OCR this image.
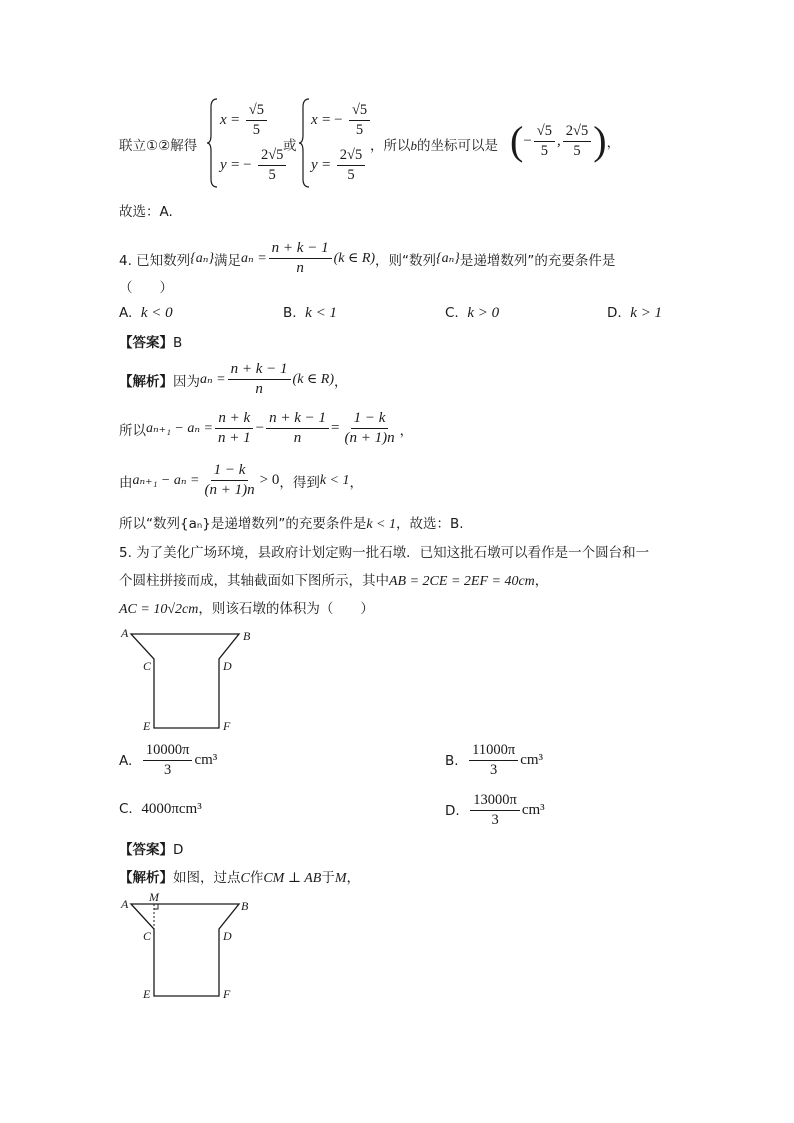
联立①②解得
$x = \frac{√5}{5}$
y = − $\frac{2√5}{5}$
或
x = − $\frac{√5}{5}$
$y = \frac{2√5}{5}$ ，所以b的坐标可以是 ( − $\frac{√5}{5}$ , $\frac{2√5}{5}$ ) ，
故选：A.
4. 已知数列 {aₙ} 满足 $a_n = \frac{n + k - 1}{n} (k$ ∈ R) ，则“数列 {aₙ} 是递增数列”的充要条件是
（　　）
A. k < 0	B. k < 1	C. k > 0	D. k > 1
【答案】B
【解析】 因为 $a_n = \frac{n + k - 1}{n} (k$ ∈ R) ，
所以 $a_{n+1} - a_n = \frac{n + k}{n + 1} - \frac{n + k - 1}{n} = \frac{1 - k}{(n + 1)n}$ ，
由 $a_{n+1} - a_n = \frac{1 - k}{(n + 1)n} > 0$ ，得到 k < 1 ，
所以“数列{aₙ}是递增数列”的充要条件是k < 1，故选：B.
5. 为了美化广场环境，县政府计划定购一批石墩．已知这批石墩可以看作是一个圆台和一
个圆柱拼接而成，其轴截面如下图所示，其中AB = 2CE = 2EF = 40cm，
AC = 10√2cm，则该石墩的体积为（　　）
A	B
C	D
E	F
A.
$\frac{10000\pi}{3} cm^3$	B.
$\frac{11000\pi}{3} cm^3$
C. 4000πcm³	D.
$\frac{13000\pi}{3} cm^3$
【答案】D
【解析】如图，过点C作CM ⊥ AB于M，
A M
B
C	D
E	F
